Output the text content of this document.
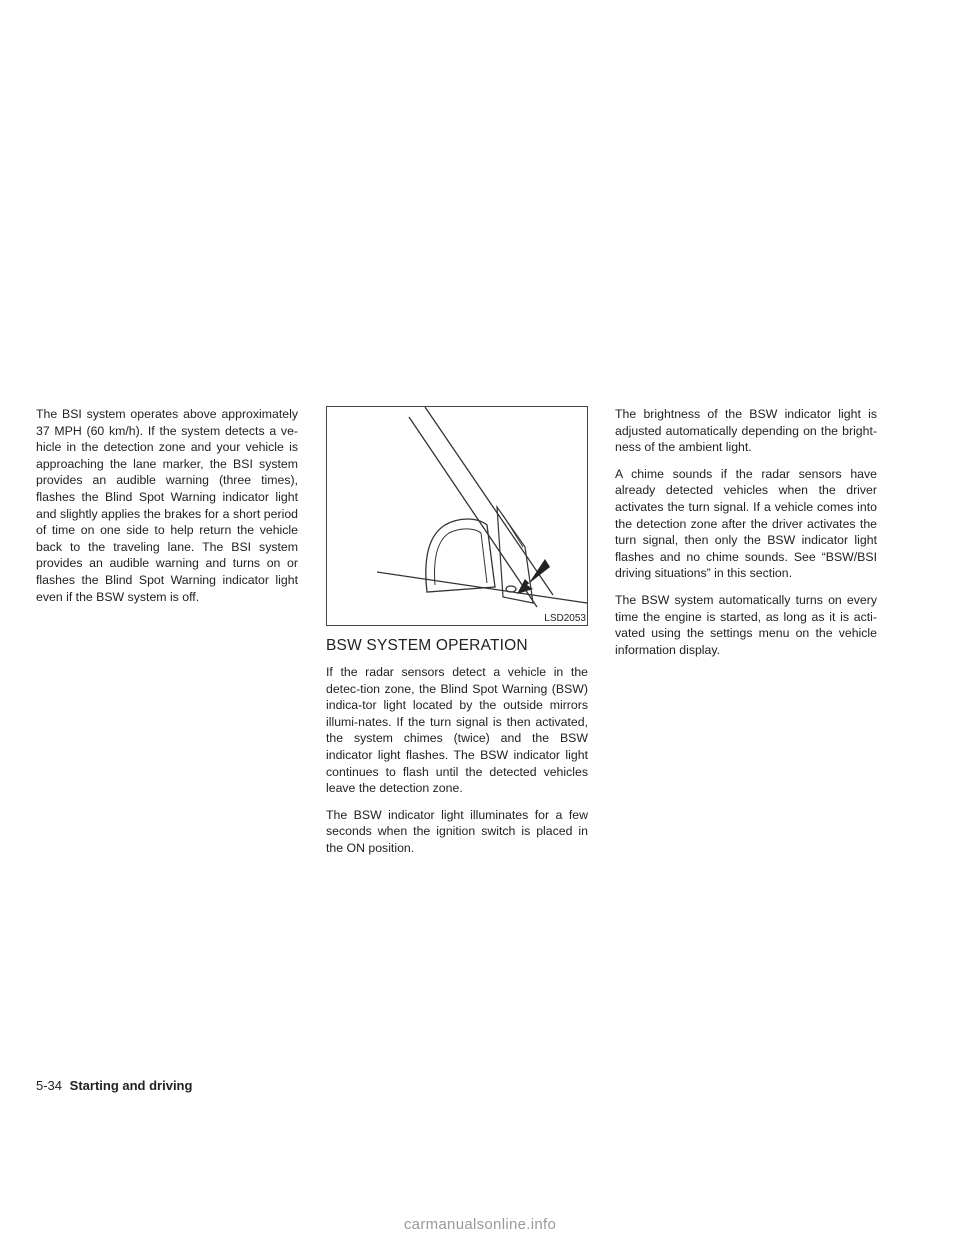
The BSI system operates above approximately 37 MPH (60 km/h). If the system detects a ve-hicle in the detection zone and your vehicle is approaching the lane marker, the BSI system provides an audible warning (three times), flashes the Blind Spot Warning indicator light and slightly applies the brakes for a short period of time on one side to help return the vehicle back to the traveling lane. The BSI system provides an audible warning and turns on or flashes the Blind Spot Warning indicator light even if the BSW system is off.

LSD2053
BSW SYSTEM OPERATION

If the radar sensors detect a vehicle in the detec-tion zone, the Blind Spot Warning (BSW) indica-tor light located by the outside mirrors illumi-nates. If the turn signal is then activated, the system chimes (twice) and the BSW indicator light flashes. The BSW indicator light continues to flash until the detected vehicles leave the detection zone.

The BSW indicator light illuminates for a few seconds when the ignition switch is placed in the ON position.

The brightness of the BSW indicator light is adjusted automatically depending on the bright-ness of the ambient light.

A chime sounds if the radar sensors have already detected vehicles when the driver activates the turn signal. If a vehicle comes into the detection zone after the driver activates the turn signal, then only the BSW indicator light flashes and no chime sounds. See “BSW/BSI driving situations” in this section.

The BSW system automatically turns on every time the engine is started, as long as it is acti-vated using the settings menu on the vehicle information display.

5-34 Starting and driving
carmanualsonline.info
